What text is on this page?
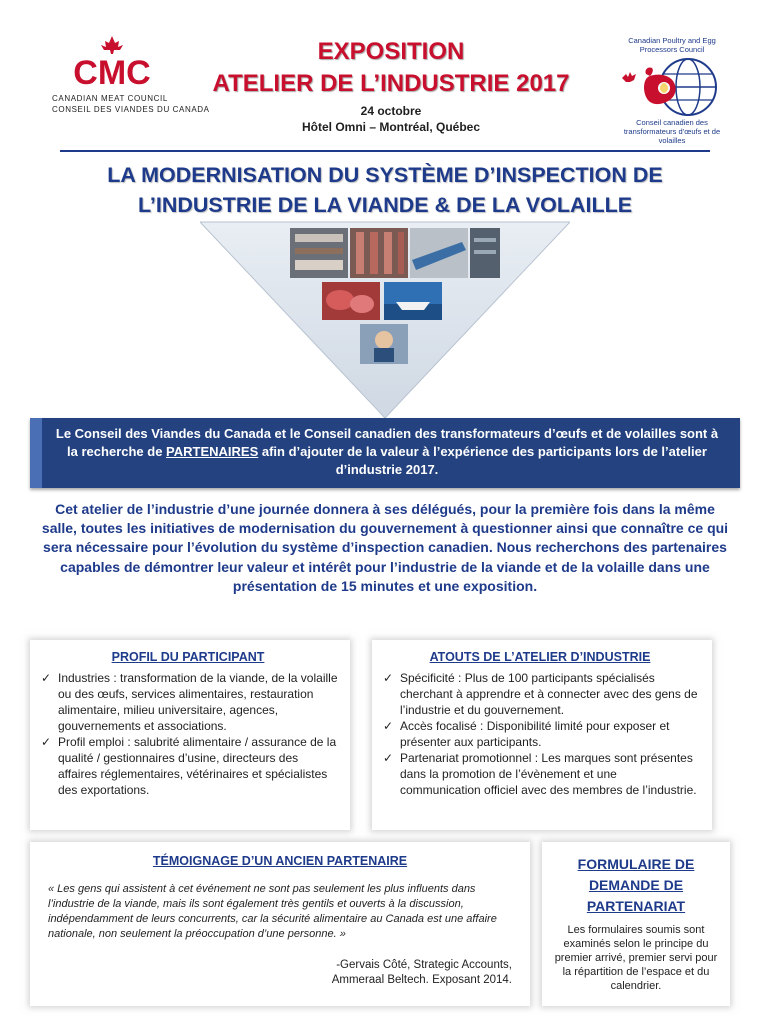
CMC
CANADIAN MEAT COUNCIL
CONSEIL DES VIANDES DU CANADA
EXPOSITION
ATELIER DE L’INDUSTRIE 2017
24 octobre
Hôtel Omni – Montréal, Québec
Canadian Poultry and Egg Processors Council
Conseil canadien des transformateurs d’œufs et de volailles
LA MODERNISATION DU SYSTÈME D’INSPECTION DE
L’INDUSTRIE DE LA VIANDE & DE LA VOLAILLE
Le Conseil des Viandes du Canada et le Conseil canadien des transformateurs d’œufs et de volailles sont à la recherche de PARTENAIRES afin d’ajouter de la valeur à l’expérience des participants lors de l’atelier d’industrie 2017.
Cet atelier de l’industrie d’une journée donnera à ses délégués, pour la première fois dans la même salle, toutes les initiatives de modernisation du gouvernement à questionner ainsi que connaître ce qui sera nécessaire pour l’évolution du système d’inspection canadien. Nous recherchons des partenaires capables de démontrer leur valeur et intérêt pour l’industrie de la viande et de la volaille dans une présentation de 15 minutes et une exposition.
PROFIL DU PARTICIPANT
✓ Industries : transformation de la viande, de la volaille ou des œufs, services alimentaires, restauration alimentaire, milieu universitaire, agences, gouvernements et associations.
✓ Profil emploi : salubrité alimentaire / assurance de la qualité / gestionnaires d’usine, directeurs des affaires réglementaires, vétérinaires et spécialistes des exportations.
ATOUTS DE L’ATELIER D’INDUSTRIE
✓ Spécificité : Plus de 100 participants spécialisés cherchant à apprendre et à connecter avec des gens de l’industrie et du gouvernement.
✓ Accès focalisé : Disponibilité limité pour exposer et présenter aux participants.
✓ Partenariat promotionnel : Les marques sont présentes dans la promotion de l’évènement et une communication officiel avec des membres de l’industrie.
TÉMOIGNAGE D’UN ANCIEN PARTENAIRE

« Les gens qui assistent à cet événement ne sont pas seulement les plus influents dans l’industrie de la viande, mais ils sont également très gentils et ouverts à la discussion, indépendamment de leurs concurrents, car la sécurité alimentaire au Canada est une affaire nationale, non seulement la préoccupation d’une personne. »

-Gervais Côté, Strategic Accounts,
Ammeraal Beltech. Exposant 2014.

FORMULAIRE DE
DEMANDE DE
PARTENARIAT

Les formulaires soumis sont examinés selon le principe du premier arrivé, premier servi pour la répartition de l’espace et du calendrier.
